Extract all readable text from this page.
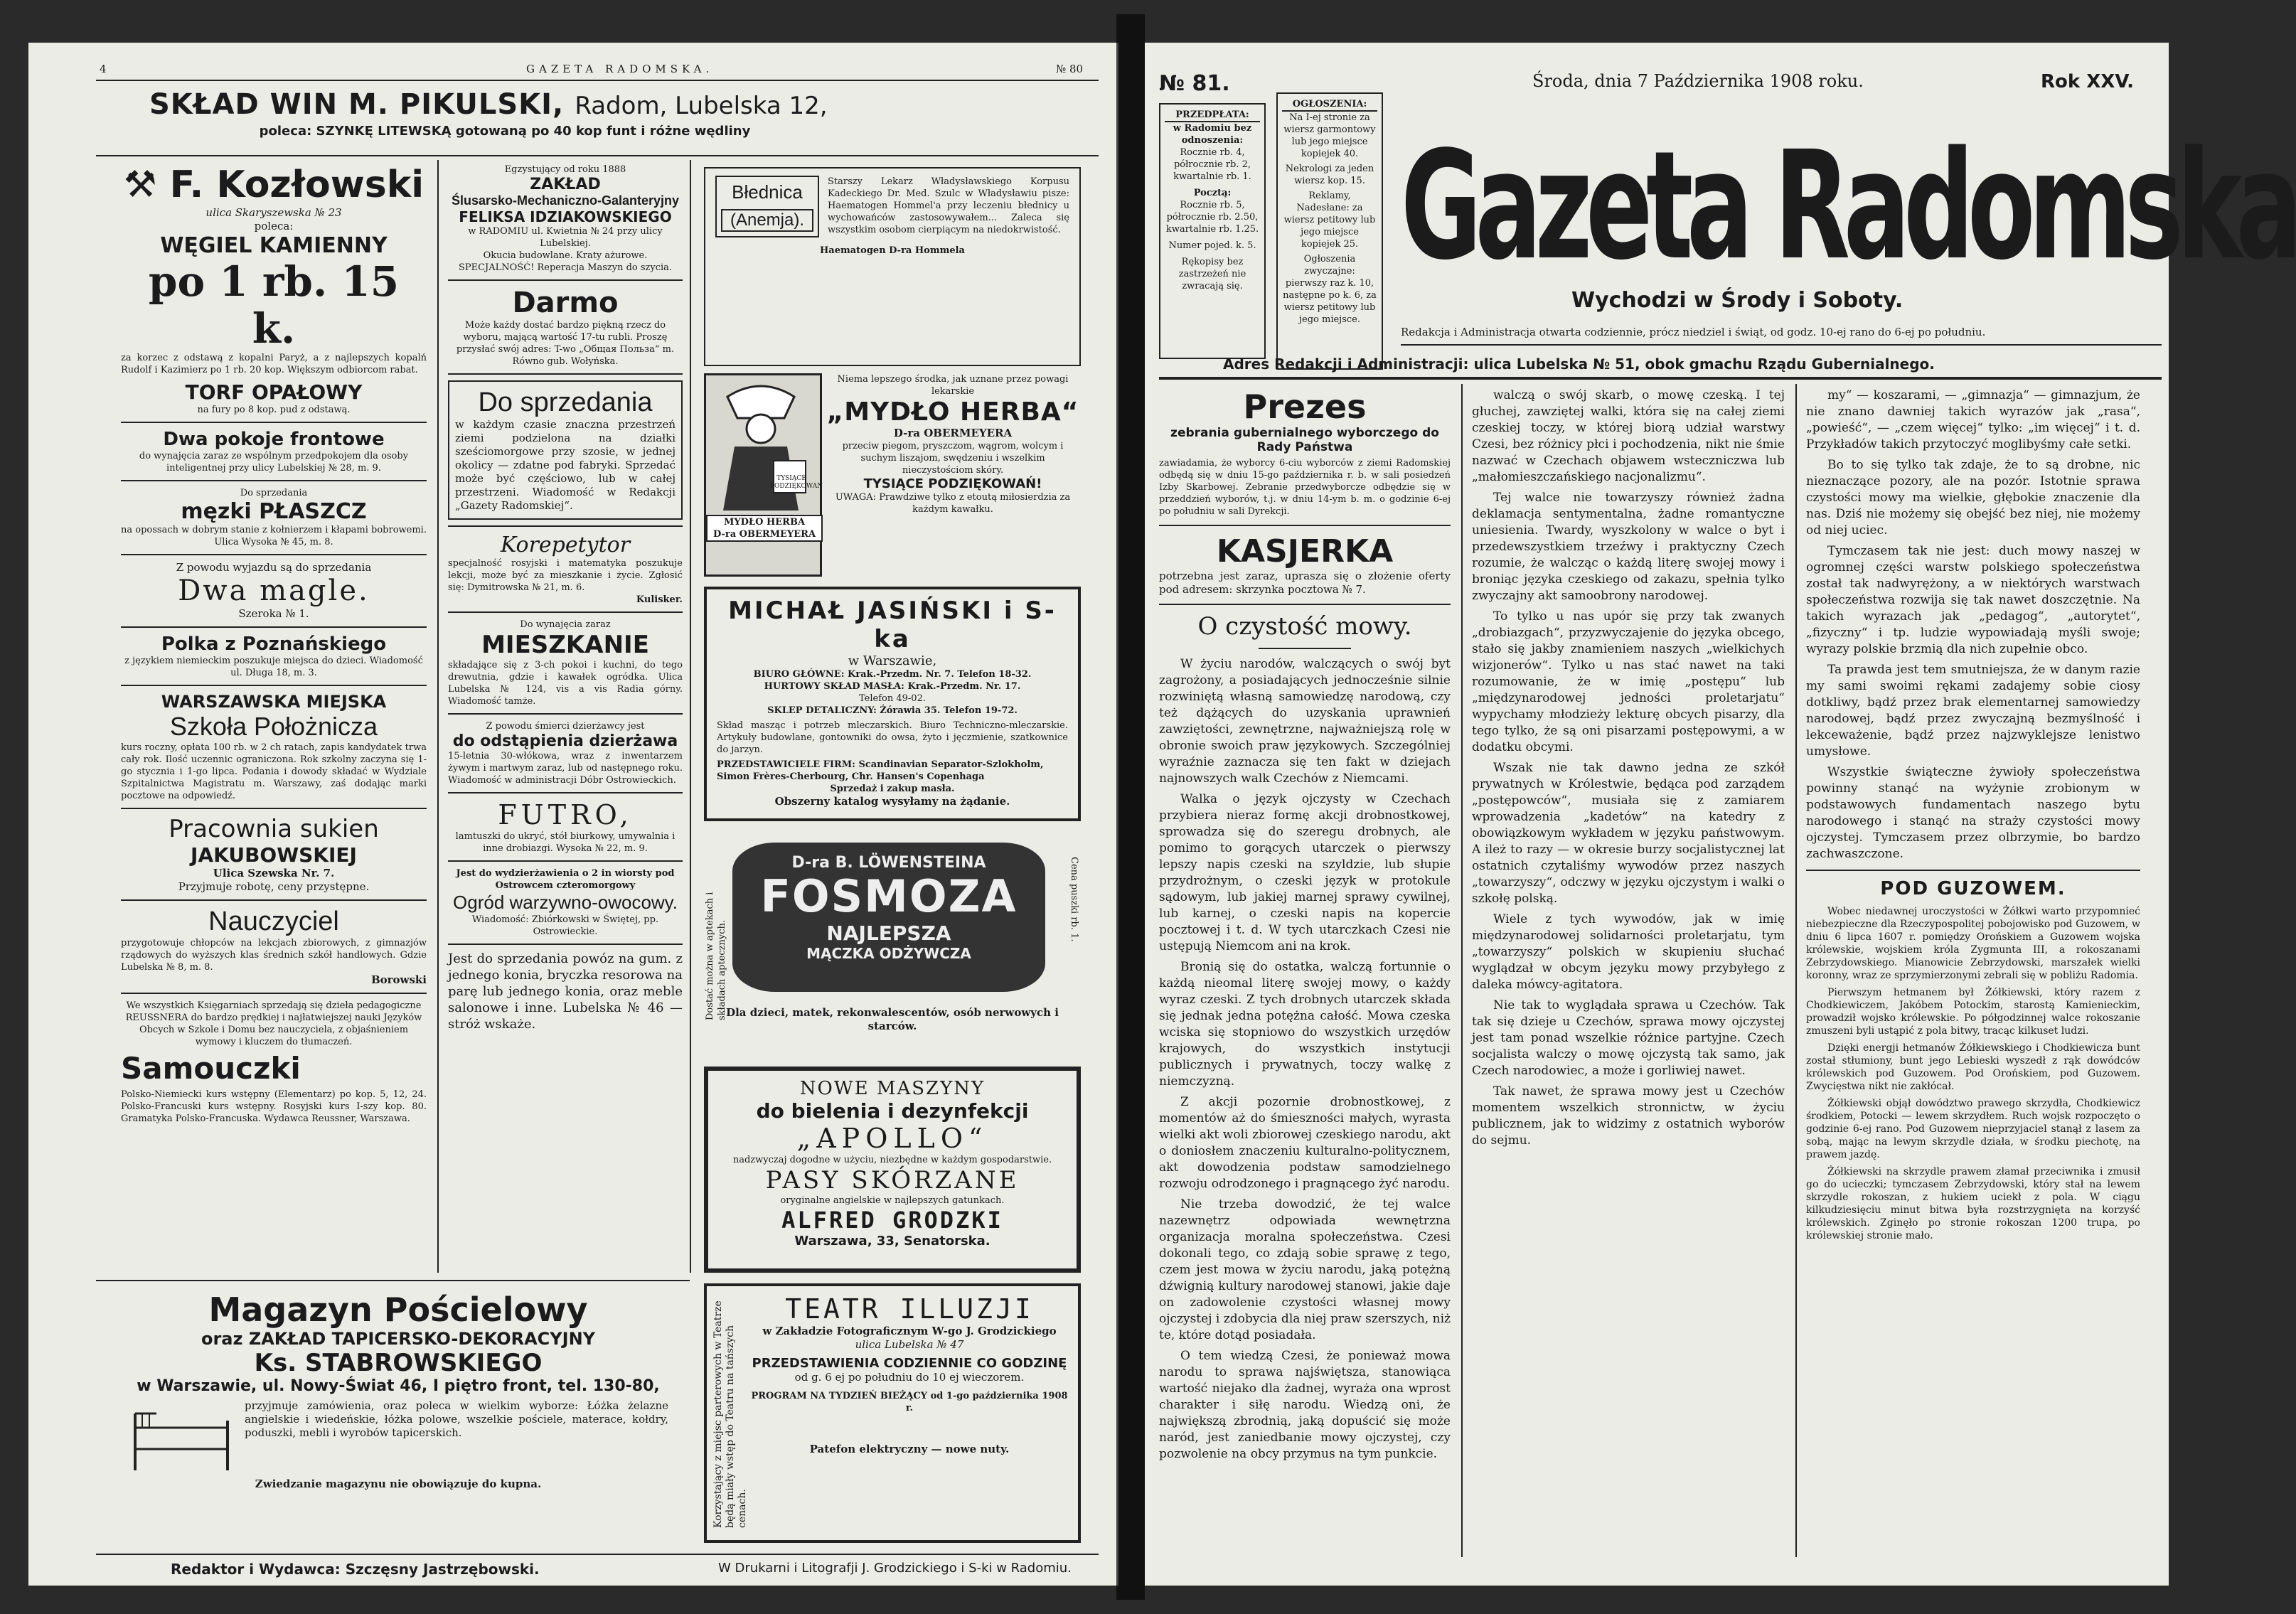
4	GAZETA RADOMSKA.	№ 80
SKŁAD WIN M. PIKULSKI, Radom, Lubelska 12,
poleca: SZYNKĘ LITEWSKĄ gotowaną po 40 kop funt i różne wędliny
⚒ F. Kozłowski
ulica Skaryszewska № 23
poleca:
WĘGIEL KAMIENNY
po 1 rb. 15 k.
za korzec z odstawą z kopalni Paryż, a z najlepszych kopalń Rudolf i Kazimierz po 1 rb. 20 kop. Większym odbiorcom rabat.
TORF OPAŁOWY
na fury po 8 kop. pud z odstawą.
Dwa pokoje frontowe
do wynajęcia zaraz ze wspólnym przedpokojem dla osoby inteligentnej przy ulicy Lubelskiej № 28, m. 9.
Do sprzedania
męzki PŁASZCZ
na opossach w dobrym stanie z kołnierzem i kłapami bobrowemi. Ulica Wysoka № 45, m. 8.
Z powodu wyjazdu są do sprzedania
Dwa magle.
Szeroka № 1.
Polka z Poznańskiego
z językiem niemieckim poszukuje miejsca do dzieci. Wiadomość ul. Długa 18, m. 3.
WARSZAWSKA MIEJSKA
Szkoła Położnicza
kurs roczny, opłata 100 rb. w 2 ch ratach, zapis kandydatek trwa cały rok. Ilość uczennic ograniczona. Rok szkolny zaczyna się 1-go stycznia i 1-go lipca. Podania i dowody składać w Wydziale Szpitalnictwa Magistratu m. Warszawy, zaś dodając marki pocztowe na odpowiedź.
Pracownia sukien
JAKUBOWSKIEJ
Ulica Szewska Nr. 7.
Przyjmuje robotę, ceny przystępne.
Nauczyciel
przygotowuje chłopców na lekcjach zbiorowych, z gimnazjów rządowych do wyższych klas średnich szkół handlowych. Gdzie Lubelska № 8, m. 8.
Borowski
We wszystkich Księgarniach sprzedają się dzieła pedagogiczne REUSSNERA do bardzo prędkiej i najłatwiejszej nauki Języków Obcych w Szkole i Domu bez nauczyciela, z objaśnieniem wymowy i kluczem do tłumaczeń.
Samouczki
Polsko-Niemiecki kurs wstępny (Elementarz) po kop. 5, 12, 24. Polsko-Francuski kurs wstępny. Rosyjski kurs I-szy kop. 80. Gramatyka Polsko-Francuska. Wydawca Reussner, Warszawa.
Egzystujący od roku 1888
ZAKŁAD
Ślusarsko-Mechaniczno-Galanteryjny
FELIKSA IDZIAKOWSKIEGO
w RADOMIU ul. Kwietnia № 24 przy ulicy Lubelskiej.
Okucia budowlane. Kraty ażurowe. SPECJALNOŚĆ! Reperacja Maszyn do szycia.
Darmo
Może każdy dostać bardzo piękną rzecz do wyboru, mającą wartość 17-tu rubli. Proszę przysłać swój adres: T-wo „Общая Польза“ m. Równo gub. Wołyńska.
Do sprzedania
w każdym czasie znaczna przestrzeń ziemi podzielona na działki sześciomorgowe przy szosie, w jednej okolicy — zdatne pod fabryki. Sprzedać może być częściowo, lub w całej przestrzeni. Wiadomość w Redakcji „Gazety Radomskiej“.
Korepetytor
specjalność rosyjski i matematyka poszukuje lekcji, może być za mieszkanie i życie. Zgłosić się: Dymitrowska № 21, m. 6.
Kulisker.
Do wynajęcia zaraz
MIESZKANIE
składające się z 3-ch pokoi i kuchni, do tego drewutnia, gdzie i kawałek ogródka. Ulica Lubelska № 124, vis a vis Radia górny. Wiadomość tamże.
Z powodu śmierci dzierżawcy jest
do odstąpienia dzierżawa
15-letnia 30-włókowa, wraz z inwentarzem żywym i martwym zaraz, lub od następnego roku. Wiadomość w administracji Dóbr Ostrowieckich.
FUTRO,
lamtuszki do ukryć, stół biurkowy, umywalnia i inne drobiazgi. Wysoka № 22, m. 9.
Jest do wydzierżawienia o 2 in wiorsty pod Ostrowcem czteromorgowy
Ogród warzywno-owocowy.
Wiadomość: Zbiórkowski w Świętej, pp. Ostrowieckie.
Jest do sprzedania powóz na gum. z jednego konia, bryczka resorowa na parę lub jednego konia, oraz meble salonowe i inne. Lubelska № 46 — stróż wskaże.
Błednica
(Anemja).
Starszy Lekarz Władysławskiego Korpusu Kadeckiego Dr. Med. Szulc w Władysławiu pisze: Haematogen Hommel'a przy leczeniu błednicy u wychowańców zastosowywałem... Zaleca się wszystkim osobom cierpiącym na niedokrwistość.
Haematogen D-ra Hommela
MYDŁO HERBA
D-ra OBERMEYERA
TYSIĄCE PODZIĘKOWAŃ
Niema lepszego środka, jak uznane przez powagi lekarskie
„MYDŁO HERBA“
D-ra OBERMEYERA
przeciw piegom, pryszczom, wągrom, wolcym i suchym liszajom, swędzeniu i wszelkim nieczystościom skóry.
TYSIĄCE PODZIĘKOWAŃ!
UWAGA: Prawdziwe tylko z etoutą miłosierdzia za każdym kawałku.
MICHAŁ JASIŃSKI i S-ka
w Warszawie,
BIURO GŁÓWNE: Krak.-Przedm. Nr. 7. Telefon 18-32.
HURTOWY SKŁAD MASŁA: Krak.-Przedm. Nr. 17.
Telefon 49-02.
SKLEP DETALICZNY: Żórawia 35. Telefon 19-72.
Skład masząc i potrzeb mleczarskich. Biuro Techniczno-mleczarskie. Artykuły budowlane, gontowniki do owsa, żyto i jęczmienie, szatkownice do jarzyn.
PRZEDSTAWICIELE FIRM: Scandinavian Separator-Szlokholm, Simon Frères-Cherbourg, Chr. Hansen's Copenhaga
Sprzedaż i zakup masła.
Obszerny katalog wysyłamy na żądanie.
Dostać można w aptekach i składach aptecznych.
D-ra B. LÖWENSTEINA
FOSMOZA
NAJLEPSZA
MĄCZKA ODŻYWCZA
Cena puszki rb. 1.
Dla dzieci, matek, rekonwalescentów, osób nerwowych i starców.
NOWE MASZYNY
do bielenia i dezynfekcji
„APOLLO“
nadzwyczaj dogodne w użyciu, niezbędne w każdym gospodarstwie.
PASY SKÓRZANE
oryginalne angielskie w najlepszych gatunkach.
ALFRED GRODZKI
Warszawa, 33, Senatorska.
Magazyn Pościelowy
oraz ZAKŁAD TAPICERSKO-DEKORACYJNY
Ks. STABROWSKIEGO
w Warszawie, ul. Nowy-Świat 46, I piętro front, tel. 130-80,
przyjmuje zamówienia, oraz poleca w wielkim wyborze: Łóżka żelazne angielskie i wiedeńskie, łóżka polowe, wszelkie pościele, materace, kołdry, poduszki, mebli i wyrobów tapicerskich.
Zwiedzanie magazynu nie obowiązuje do kupna.	Korzystający z miejsc parterowych w Teatrze będą miały wstęp do Teatru na tańszych cenach.
TEATR ILLUZJI
w Zakładzie Fotograficznym W-go J. Grodzickiego
ulica Lubelska № 47
PRZEDSTAWIENIA CODZIENNIE CO GODZINĘ
od g. 6 ej po południu do 10 ej wieczorem.
PROGRAM NA TYDZIEŃ BIEŻĄCY od 1-go października 1908 r.
Patefon elektryczny — nowe nuty.
Redaktor i Wydawca: Szczęsny Jastrzębowski.	W Drukarni i Litografji J. Grodzickiego i S-ki w Radomiu.
№ 81.	Środa, dnia 7 Października 1908 roku.	Rok XXV.
PRZEDPŁATA:
w Radomiu bez odnoszenia:
Rocznie rb. 4, półrocznie rb. 2, kwartalnie rb. 1.
Pocztą:
Rocznie rb. 5, półrocznie rb. 2.50, kwartalnie rb. 1.25.
Numer pojed. k. 5.
Rękopisy bez zastrzeżeń nie zwracają się.
OGŁOSZENIA:
Na I-ej stronie za wiersz garmontowy lub jego miejsce kopiejek 40.
Nekrologi za jeden wiersz kop. 15.
Reklamy, Nadesłane: za wiersz petitowy lub jego miejsce kopiejek 25.
Ogłoszenia zwyczajne: pierwszy raz k. 10, następne po k. 6, za wiersz petitowy lub jego miejsce.
Gazeta Radomska
Wychodzi w Środy i Soboty.
Redakcja i Administracja otwarta codziennie, prócz niedziel i świąt, od godz. 10-ej rano do 6-ej po południu.
Adres Redakcji i Administracji: ulica Lubelska № 51, obok gmachu Rządu Gubernialnego.
Prezes
zebrania gubernialnego wyborczego do Rady Państwa
zawiadamia, że wyborcy 6-ciu wyborców z ziemi Radomskiej odbędą się w dniu 15-go października r. b. w sali posiedzeń Izby Skarbowej. Zebranie przedwyborcze odbędzie się w przeddzień wyborów, t.j. w dniu 14-ym b. m. o godzinie 6-ej po południu w sali Dyrekcji.
KASJERKA
potrzebna jest zaraz, uprasza się o złożenie oferty pod adresem: skrzynka pocztowa № 7.
O czystość mowy.

W życiu narodów, walczących o swój byt zagrożony, a posiadających jednocześnie silnie rozwiniętą własną samowiedzę narodową, czy też dążących do uzyskania uprawnień zawziętości, zewnętrzne, najważniejszą rolę w obronie swoich praw językowych. Szczególniej wyraźnie zaznacza się ten fakt w dziejach najnowszych walk Czechów z Niemcami.

Walka o język ojczysty w Czechach przybiera nieraz formę akcji drobnostkowej, sprowadza się do szeregu drobnych, ale pomimo to gorących utarczek o pierwszy lepszy napis czeski na szyldzie, lub słupie przydrożnym, o czeski język w protokule sądowym, lub jakiej marnej sprawy cywilnej, lub karnej, o czeski napis na kopercie pocztowej i t. d. W tych utarczkach Czesi nie ustępują Niemcom ani na krok.

Bronią się do ostatka, walczą fortunnie o każdą nieomal literę swojej mowy, o każdy wyraz czeski. Z tych drobnych utarczek składa się jednak jedna potężna całość. Mowa czeska wciska się stopniowo do wszystkich urzędów krajowych, do wszystkich instytucji publicznych i prywatnych, toczy walkę z niemczyzną.

Z akcji pozornie drobnostkowej, z momentów aż do śmieszności małych, wyrasta wielki akt woli zbiorowej czeskiego narodu, akt o doniosłem znaczeniu kulturalno-politycznem, akt dowodzenia podstaw samodzielnego rozwoju odrodzonego i pragnącego żyć narodu.

Nie trzeba dowodzić, że tej walce nazewnętrz odpowiada wewnętrzna organizacja moralna społeczeństwa. Czesi dokonali tego, co zdają sobie sprawę z tego, czem jest mowa w życiu narodu, jaką potężną dźwignią kultury narodowej stanowi, jakie daje on zadowolenie czystości własnej mowy ojczystej i zdobycia dla niej praw szerszych, niż te, które dotąd posiadała.

O tem wiedzą Czesi, że ponieważ mowa narodu to sprawa najświętsza, stanowiąca wartość niejako dla żadnej, wyraża ona wprost charakter i siłę narodu. Wiedzą oni, że największą zbrodnią, jaką dopuścić się może naród, jest zaniedbanie mowy ojczystej, czy pozwolenie na obcy przymus na tym punkcie.

walczą o swój skarb, o mowę czeską. I tej głuchej, zawziętej walki, która się na całej ziemi czeskiej toczy, w której biorą udział warstwy Czesi, bez różnicy płci i pochodzenia, nikt nie śmie nazwać w Czechach objawem wsteczniczwa lub „małomieszczańskiego nacjonalizmu“.

Tej walce nie towarzyszy również żadna deklamacja sentymentalna, żadne romantyczne uniesienia. Twardy, wyszkolony w walce o byt i przedewszystkiem trzeźwy i praktyczny Czech rozumie, że walcząc o każdą literę swojej mowy i broniąc języka czeskiego od zakazu, spełnia tylko zwyczajny akt samoobrony narodowej.

To tylko u nas upór się przy tak zwanych „drobiazgach“, przyzwyczajenie do języka obcego, stało się jakby znamieniem naszych „wielkichych wizjonerów“. Tylko u nas stać nawet na taki rozumowanie, że w imię „postępu“ lub „międzynarodowej jedności proletarjatu“ wypychamy młodzieży lekturę obcych pisarzy, dla tego tylko, że są oni pisarzami postępowymi, a w dodatku obcymi.

Wszak nie tak dawno jedna ze szkół prywatnych w Królestwie, będąca pod zarządem „postępowców“, musiała się z zamiarem wprowadzenia „kadetów“ na katedry z obowiązkowym wykładem w języku państwowym. A ileż to razy — w okresie burzy socjalistycznej lat ostatnich czytaliśmy wywodów przez naszych „towarzyszy“, odczwy w języku ojczystym i walki o szkołę polską.

Wiele z tych wywodów, jak w imię międzynarodowej solidarności proletarjatu, tym „towarzyszy“ polskich w skupieniu słuchać wyglądzał w obcym języku mowy przybyłego z daleka mówcy-agitatora.

Nie tak to wyglądała sprawa u Czechów. Tak tak się dzieje u Czechów, sprawa mowy ojczystej jest tam ponad wszelkie różnice partyjne. Czech socjalista walczy o mowę ojczystą tak samo, jak Czech narodowiec, a może i gorliwiej nawet.

Tak nawet, że sprawa mowy jest u Czechów momentem wszelkich stronnictw, w życiu publicznem, jak to widzimy z ostatnich wyborów do sejmu.

my“ — koszarami, — „gimnazja“ — gimnazjum, że nie znano dawniej takich wyrazów jak „rasa“, „powieść“, — „czem więcej“ tylko: „im więcej“ i t. d. Przykładów takich przytoczyć moglibyśmy całe setki.

Bo to się tylko tak zdaje, że to są drobne, nic nieznaczące pozory, ale na pozór. Istotnie sprawa czystości mowy ma wielkie, głębokie znaczenie dla nas. Dziś nie możemy się obejść bez niej, nie możemy od niej uciec.

Tymczasem tak nie jest: duch mowy naszej w ogromnej części warstw polskiego społeczeństwa został tak nadwyrężony, a w niektórych warstwach społeczeństwa rozwija się tak nawet doszczętnie. Na takich wyrazach jak „pedagog“, „autorytet“, „fizyczny“ i tp. ludzie wypowiadają myśli swoje; wyrazy polskie brzmią dla nich zupełnie obco.

Ta prawda jest tem smutniejsza, że w danym razie my sami swoimi rękami zadajemy sobie ciosy dotkliwy, bądź przez brak elementarnej samowiedzy narodowej, bądź przez zwyczajną bezmyślność i lekceważenie, bądź przez najzwyklejsze lenistwo umysłowe.

Wszystkie świąteczne żywioły społeczeństwa powinny stanąć na wyżynie zrobionym w podstawowych fundamentach naszego bytu narodowego i stanąć na straży czystości mowy ojczystej. Tymczasem przez olbrzymie, bo bardzo zachwaszczone.

POD GUZOWEM.

Wobec niedawnej uroczystości w Żółkwi warto przypomnieć niebezpieczne dla Rzeczypospolitej pobojowisko pod Guzowem, w dniu 6 lipca 1607 r. pomiędzy Orońskiem a Guzowem wojska królewskie, wojskiem króla Zygmunta III, a rokoszanami Zebrzydowskiego. Mianowicie Zebrzydowski, marszałek wielki koronny, wraz ze sprzymierzonymi zebrali się w pobliżu Radomia.

Pierwszym hetmanem był Żółkiewski, który razem z Chodkiewiczem, Jakóbem Potockim, starostą Kamienieckim, prowadził wojsko królewskie. Po półgodzinnej walce rokoszanie zmuszeni byli ustąpić z pola bitwy, tracąc kilkuset ludzi.

Dzięki energji hetmanów Żółkiewskiego i Chodkiewicza bunt został stłumiony, bunt jego Lebieski wyszedł z rąk dowódców królewskich pod Guzowem. Pod Orońskiem, pod Guzowem. Zwycięstwa nikt nie zakłócał.

Żółkiewski objął dowództwo prawego skrzydła, Chodkiewicz środkiem, Potocki — lewem skrzydłem. Ruch wojsk rozpoczęto o godzinie 6-ej rano. Pod Guzowem nieprzyjaciel stanął z lasem za sobą, mając na lewym skrzydle działa, w środku piechotę, na prawem jazdę.

Żółkiewski na skrzydle prawem złamał przeciwnika i zmusił go do ucieczki; tymczasem Zebrzydowski, który stał na lewem skrzydle rokoszan, z hukiem uciekł z pola. W ciągu kilkudziesięciu minut bitwa była rozstrzygnięta na korzyść królewskich. Zginęło po stronie rokoszan 1200 trupa, po królewskiej stronie mało.
